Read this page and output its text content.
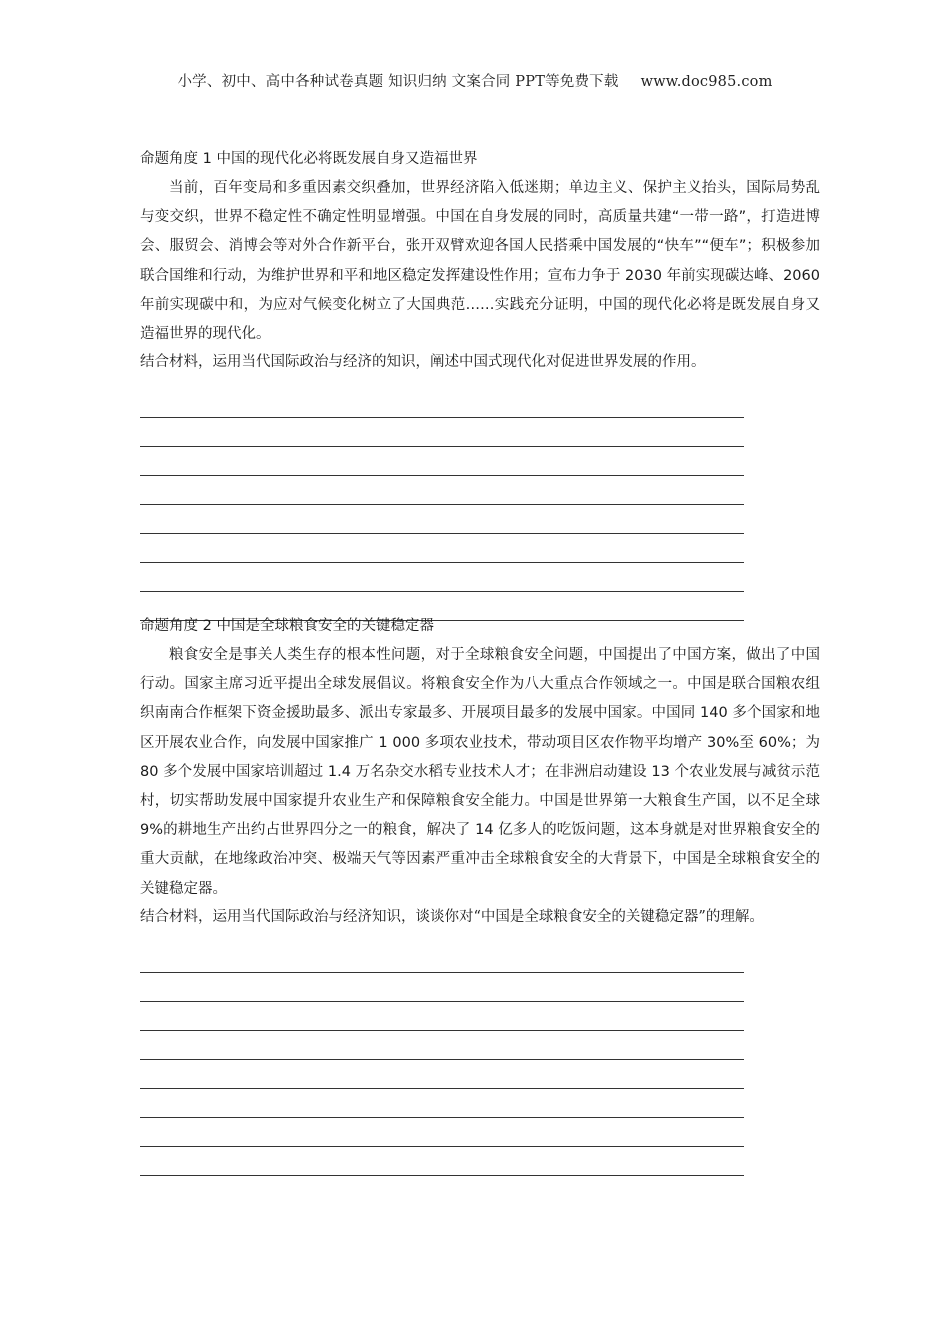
小学、初中、高中各种试卷真题 知识归纳 文案合同 PPT等免费下载 www.doc985.com

命题角度 1 中国的现代化必将既发展自身又造福世界

当前，百年变局和多重因素交织叠加，世界经济陷入低迷期；单边主义、保护主义抬头，国际局势乱与变交织，世界不稳定性不确定性明显增强。中国在自身发展的同时，高质量共建“一带一路”，打造进博会、服贸会、消博会等对外合作新平台，张开双臂欢迎各国人民搭乘中国发展的“快车”“便车”；积极参加联合国维和行动，为维护世界和平和地区稳定发挥建设性作用；宣布力争于 2030 年前实现碳达峰、2060 年前实现碳中和，为应对气候变化树立了大国典范……实践充分证明，中国的现代化必将是既发展自身又造福世界的现代化。

结合材料，运用当代国际政治与经济的知识，阐述中国式现代化对促进世界发展的作用。

命题角度 2 中国是全球粮食安全的关键稳定器

粮食安全是事关人类生存的根本性问题，对于全球粮食安全问题，中国提出了中国方案，做出了中国行动。国家主席习近平提出全球发展倡议。将粮食安全作为八大重点合作领域之一。中国是联合国粮农组织南南合作框架下资金援助最多、派出专家最多、开展项目最多的发展中国家。中国同 140 多个国家和地区开展农业合作，向发展中国家推广 1 000 多项农业技术，带动项目区农作物平均增产 30%至 60%；为 80 多个发展中国家培训超过 1.4 万名杂交水稻专业技术人才；在非洲启动建设 13 个农业发展与减贫示范村，切实帮助发展中国家提升农业生产和保障粮食安全能力。中国是世界第一大粮食生产国，以不足全球 9%的耕地生产出约占世界四分之一的粮食，解决了 14 亿多人的吃饭问题，这本身就是对世界粮食安全的重大贡献，在地缘政治冲突、极端天气等因素严重冲击全球粮食安全的大背景下，中国是全球粮食安全的关键稳定器。

结合材料，运用当代国际政治与经济知识，谈谈你对“中国是全球粮食安全的关键稳定器”的理解。
